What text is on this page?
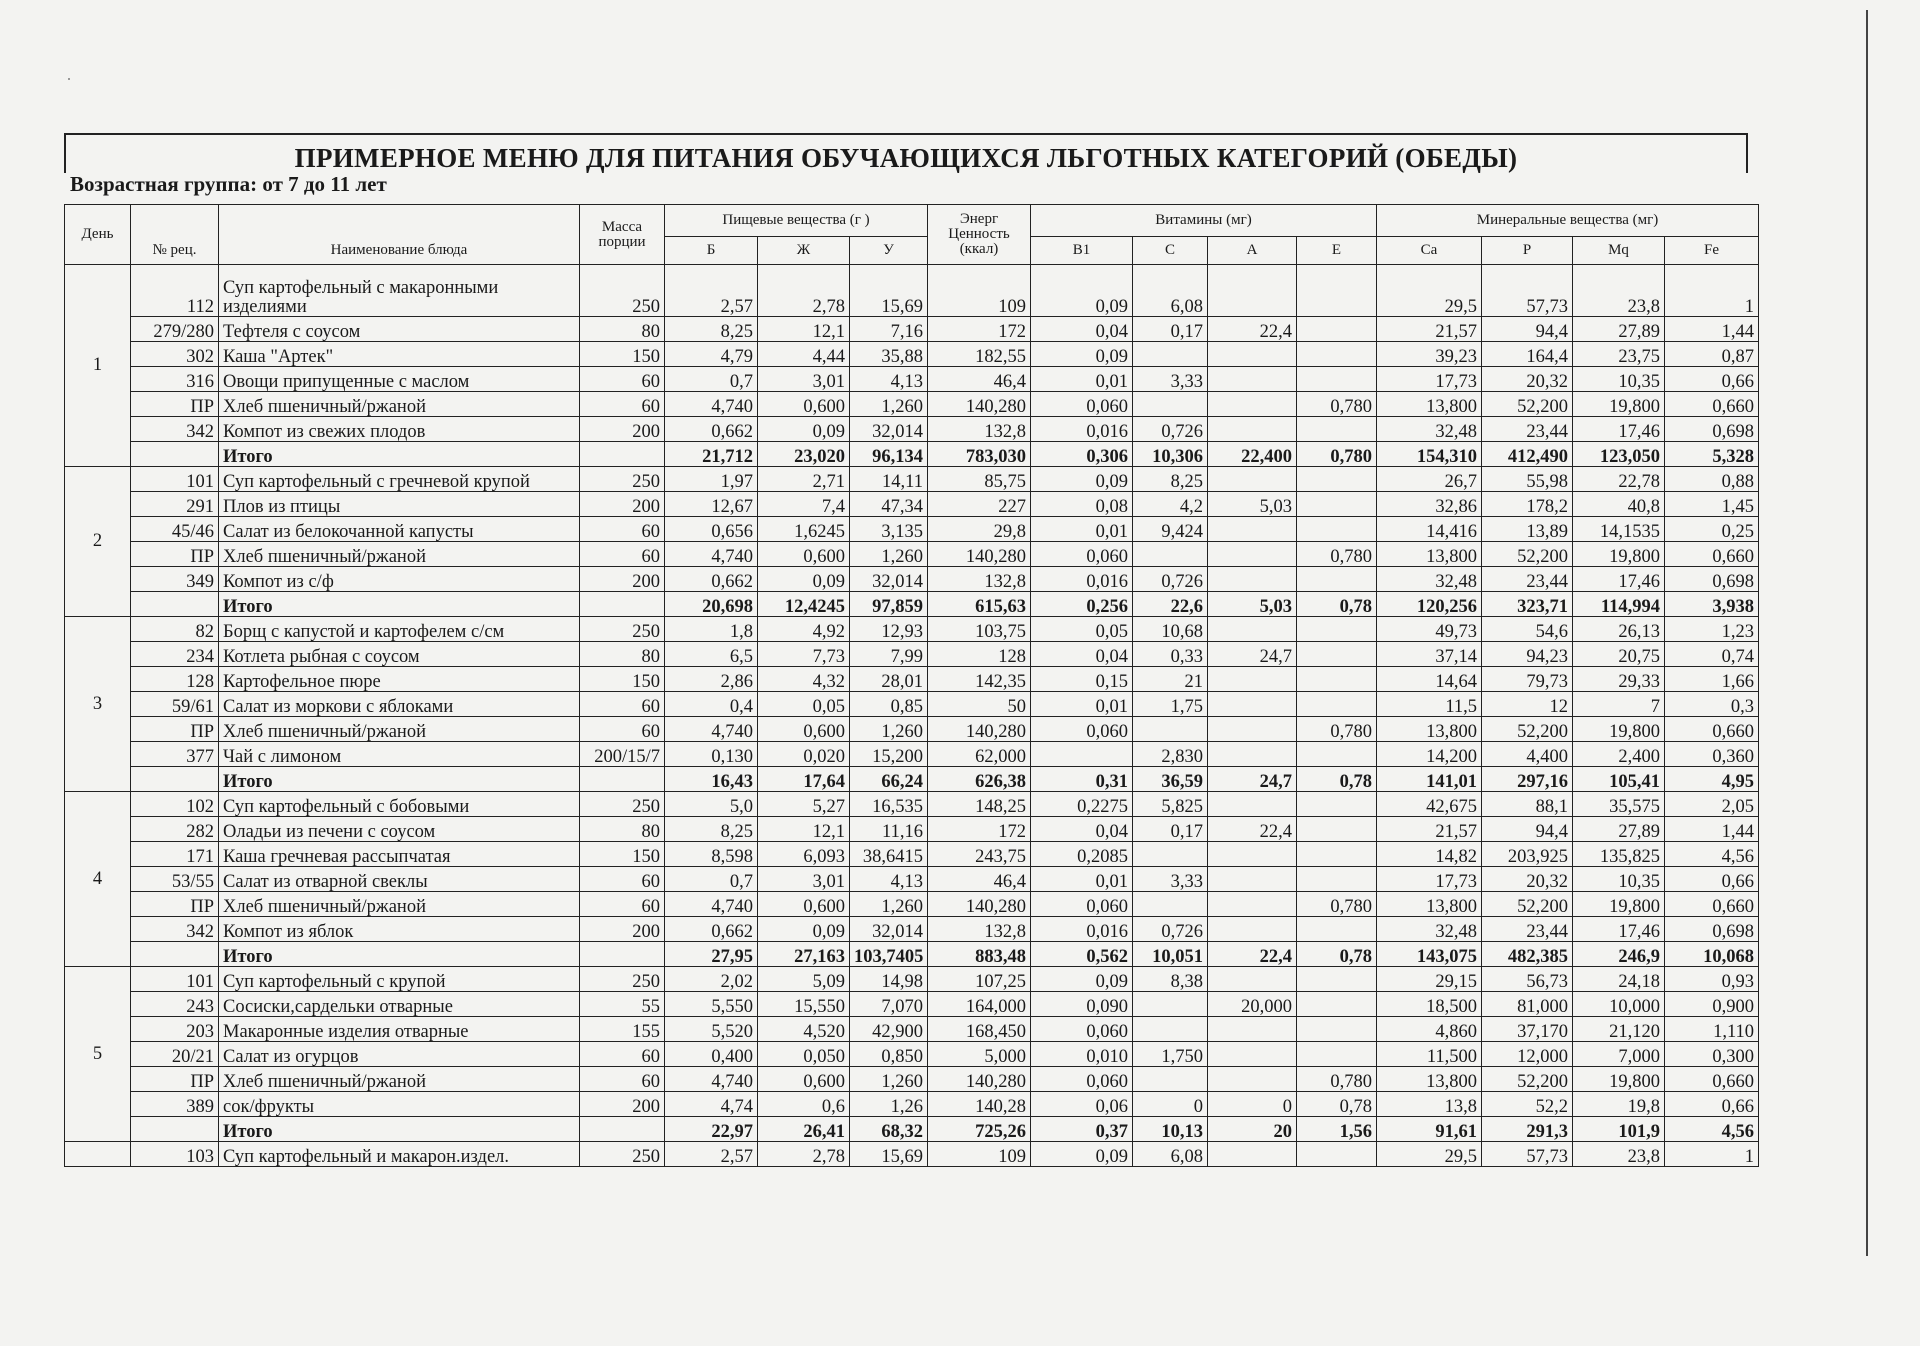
ПРИМЕРНОЕ МЕНЮ ДЛЯ ПИТАНИЯ ОБУЧАЮЩИХСЯ ЛЬГОТНЫХ КАТЕГОРИЙ (ОБЕДЫ)
Возрастная группа: от 7 до 11 лет
День			Масса порции	Пищевые вещества (г )			Энерг Ценность (ккал)	Витамины (мг)				Минеральные вещества (мг)			
	№ рец.	Наименование блюда		Б	Ж	У		B1	C	A	E	Ca	P	Mq	Fe
1	112	Суп картофельный с макаронными изделиями	250	2,57	2,78	15,69	109	0,09	6,08			29,5	57,73	23,8	1
	279/280	Тефтеля с соусом	80	8,25	12,1	7,16	172	0,04	0,17	22,4		21,57	94,4	27,89	1,44
	302	Каша "Артек"	150	4,79	4,44	35,88	182,55	0,09				39,23	164,4	23,75	0,87
	316	Овощи припущенные с маслом	60	0,7	3,01	4,13	46,4	0,01	3,33			17,73	20,32	10,35	0,66
	ПР	Хлеб пшеничный/ржаной	60	4,740	0,600	1,260	140,280	0,060			0,780	13,800	52,200	19,800	0,660
	342	Компот из свежих плодов	200	0,662	0,09	32,014	132,8	0,016	0,726			32,48	23,44	17,46	0,698
		Итого		21,712	23,020	96,134	783,030	0,306	10,306	22,400	0,780	154,310	412,490	123,050	5,328
2	101	Суп картофельный с гречневой крупой	250	1,97	2,71	14,11	85,75	0,09	8,25			26,7	55,98	22,78	0,88
	291	Плов из птицы	200	12,67	7,4	47,34	227	0,08	4,2	5,03		32,86	178,2	40,8	1,45
	45/46	Салат из белокочанной капусты	60	0,656	1,6245	3,135	29,8	0,01	9,424			14,416	13,89	14,1535	0,25
	ПР	Хлеб пшеничный/ржаной	60	4,740	0,600	1,260	140,280	0,060			0,780	13,800	52,200	19,800	0,660
	349	Компот из с/ф	200	0,662	0,09	32,014	132,8	0,016	0,726			32,48	23,44	17,46	0,698
		Итого		20,698	12,4245	97,859	615,63	0,256	22,6	5,03	0,78	120,256	323,71	114,994	3,938
3	82	Борщ с капустой и картофелем с/см	250	1,8	4,92	12,93	103,75	0,05	10,68			49,73	54,6	26,13	1,23
	234	Котлета рыбная с соусом	80	6,5	7,73	7,99	128	0,04	0,33	24,7		37,14	94,23	20,75	0,74
	128	Картофельное пюре	150	2,86	4,32	28,01	142,35	0,15	21			14,64	79,73	29,33	1,66
	59/61	Салат из моркови с яблоками	60	0,4	0,05	0,85	50	0,01	1,75			11,5	12	7	0,3
	ПР	Хлеб пшеничный/ржаной	60	4,740	0,600	1,260	140,280	0,060			0,780	13,800	52,200	19,800	0,660
	377	Чай с лимоном	200/15/7	0,130	0,020	15,200	62,000		2,830			14,200	4,400	2,400	0,360
		Итого		16,43	17,64	66,24	626,38	0,31	36,59	24,7	0,78	141,01	297,16	105,41	4,95
4	102	Суп картофельный с бобовыми	250	5,0	5,27	16,535	148,25	0,2275	5,825			42,675	88,1	35,575	2,05
	282	Оладьи из печени с соусом	80	8,25	12,1	11,16	172	0,04	0,17	22,4		21,57	94,4	27,89	1,44
	171	Каша гречневая рассыпчатая	150	8,598	6,093	38,6415	243,75	0,2085				14,82	203,925	135,825	4,56
	53/55	Салат из отварной свеклы	60	0,7	3,01	4,13	46,4	0,01	3,33			17,73	20,32	10,35	0,66
	ПР	Хлеб пшеничный/ржаной	60	4,740	0,600	1,260	140,280	0,060			0,780	13,800	52,200	19,800	0,660
	342	Компот из яблок	200	0,662	0,09	32,014	132,8	0,016	0,726			32,48	23,44	17,46	0,698
		Итого		27,95	27,163	103,7405	883,48	0,562	10,051	22,4	0,78	143,075	482,385	246,9	10,068
5	101	Суп картофельный с крупой	250	2,02	5,09	14,98	107,25	0,09	8,38			29,15	56,73	24,18	0,93
	243	Сосиски,сардельки отварные	55	5,550	15,550	7,070	164,000	0,090		20,000		18,500	81,000	10,000	0,900
	203	Макаронные изделия отварные	155	5,520	4,520	42,900	168,450	0,060				4,860	37,170	21,120	1,110
	20/21	Салат из огурцов	60	0,400	0,050	0,850	5,000	0,010	1,750			11,500	12,000	7,000	0,300
	ПР	Хлеб пшеничный/ржаной	60	4,740	0,600	1,260	140,280	0,060			0,780	13,800	52,200	19,800	0,660
	389	сок/фрукты	200	4,74	0,6	1,26	140,28	0,06	0	0	0,78	13,8	52,2	19,8	0,66
		Итого		22,97	26,41	68,32	725,26	0,37	10,13	20	1,56	91,61	291,3	101,9	4,56
	103	Суп картофельный и макарон.издел.	250	2,57	2,78	15,69	109	0,09	6,08			29,5	57,73	23,8	1
